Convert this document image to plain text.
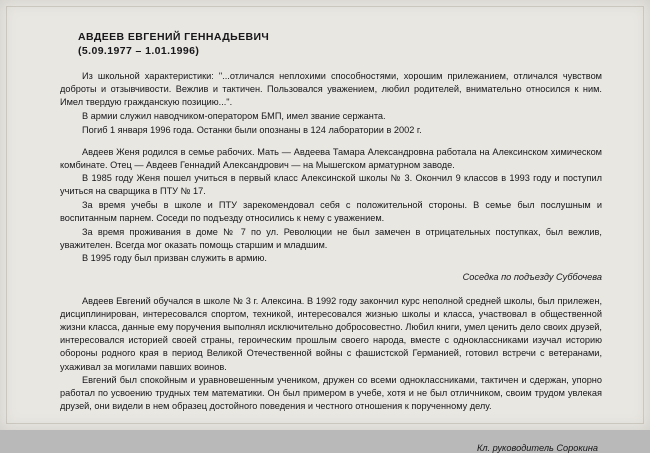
АВДЕЕВ ЕВГЕНИЙ ГЕННАДЬЕВИЧ
(5.09.1977 – 1.01.1996)

Из школьной характеристики: "...отличался неплохими способностями, хорошим прилежанием, отличался чувством доброты и отзывчивости. Вежлив и тактичен. Пользовался уважением, любил родителей, внимательно относился к ним. Имел твердую гражданскую позицию...".

В армии служил наводчиком-оператором БМП, имел звание сержанта.

Погиб 1 января 1996 года. Останки были опознаны в 124 лаборатории в 2002 г.

Авдеев Женя родился в семье рабочих. Мать — Авдеева Тамара Александровна работала на Алексинском химическом комбинате. Отец — Авдеев Геннадий Александрович — на Мышегском арматурном заводе.

В 1985 году Женя пошел учиться в первый класс Алексинской школы № 3. Окончил 9 классов в 1993 году и поступил учиться на сварщика в ПТУ № 17.

За время учебы в школе и ПТУ зарекомендовал себя с положительной стороны. В семье был послушным и воспитанным парнем. Соседи по подъезду относились к нему с уважением.

За время проживания в доме № 7 по ул. Революции не был замечен в отрицательных поступках, был вежлив, уважителен. Всегда мог оказать помощь старшим и младшим.

В 1995 году был призван служить в армию.

Соседка по подъезду Суббочева

Авдеев Евгений обучался в школе № 3 г. Алексина. В 1992 году закончил курс неполной средней школы, был прилежен, дисциплинирован, интересовался спортом, техникой, интересовался жизнью школы и класса, участвовал в общественной жизни класса, данные ему поручения выполнял исключительно добросовестно. Любил книги, умел ценить дело своих друзей, интересовался историей своей страны, героическим прошлым своего народа, вместе с одноклассниками изучал историю обороны родного края в период Великой Отечественной войны с фашистской Германией, готовил встречи с ветеранами, ухаживал за могилами павших воинов.

Евгений был спокойным и уравновешенным учеником, дружен со всеми одноклассниками, тактичен и сдержан, упорно работал по усвоению трудных тем математики. Он был примером в учебе, хотя и не был отличником, своим трудом увлекая друзей, они видели в нем образец достойного поведения и честного отношения к порученному делу.

Кл. руководитель Сорокина
